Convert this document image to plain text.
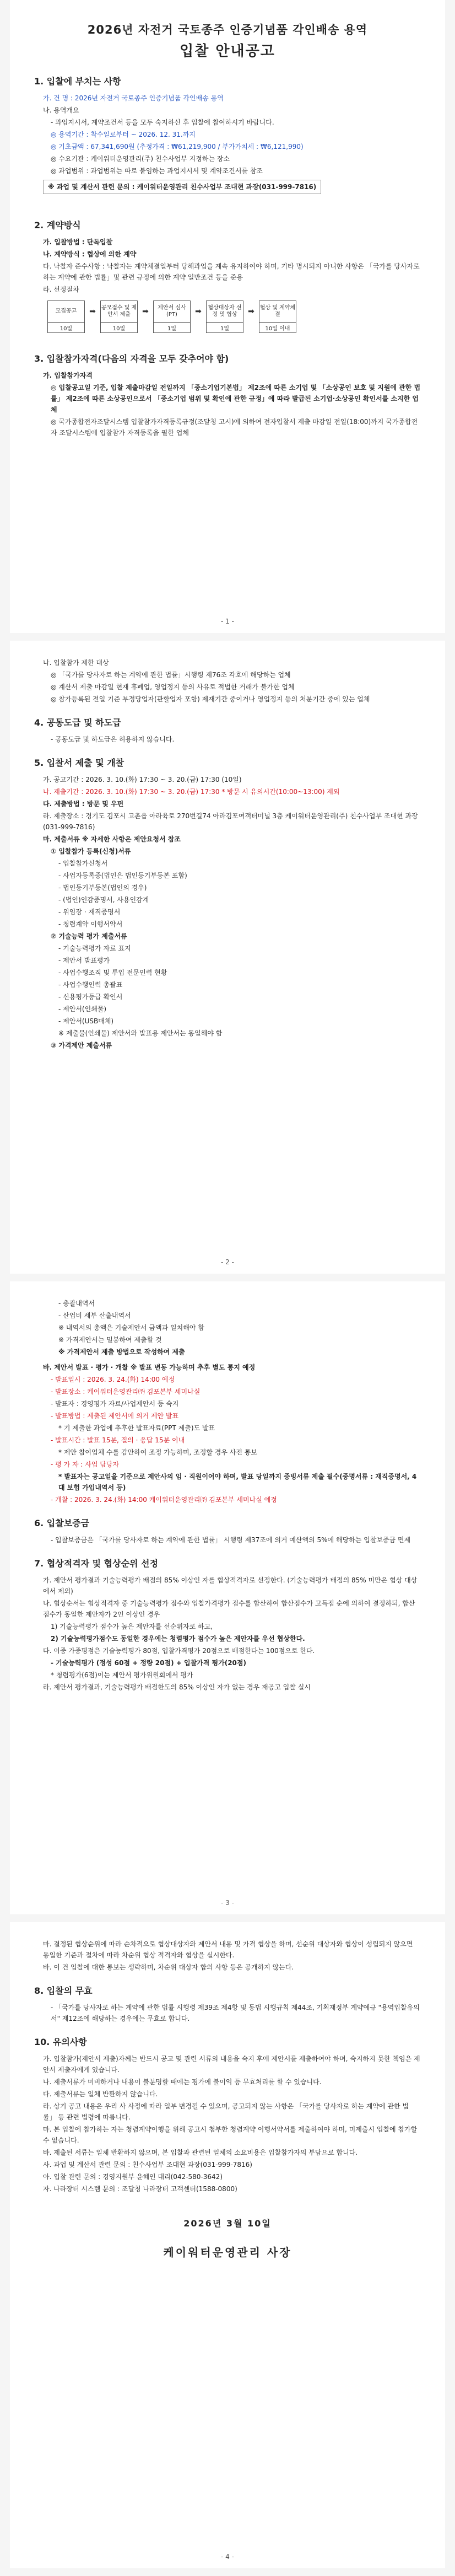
2026년 자전거 국토종주 인증기념품 각인배송 용역
입찰 안내공고
1. 입찰에 부치는 사항
가. 건 명 : 2026년 자전거 국토종주 인증기념품 각인배송 용역
나. 용역개요
- 과업지시서, 계약조건서 등을 모두 숙지하신 후 입찰에 참여하시기 바랍니다.
◎ 용역기간 : 착수일로부터 ~ 2026. 12. 31.까지
◎ 기초금액 : 67,341,690원 (추정가격 : ₩61,219,900 / 부가가치세 : ₩6,121,990)
◎ 수요기관 : 케이워터운영관리(주) 친수사업부 지정하는 장소
◎ 과업범위 : 과업범위는 따로 붙임하는 과업지시서 및 계약조건서를 참조
※ 과업 및 계산서 관련 문의 : 케이워터운영관리 친수사업부 조대현 과장(031-999-7816)
2. 계약방식
가. 입찰방법 : 단독입찰
나. 계약방식 : 협상에 의한 계약
다. 낙찰자 준수사항 : 낙찰자는 계약체결일부터 당해과업을 계속 유지하여야 하며, 기타 명시되지 아니한 사항은 「국가를 당사자로 하는 계약에 관한 법률」및 관련 규정에 의한 계약 일반조건 등을 준용
라. 선정절차
모집공고
10일
➡ 공모접수 및 제안서 제출
10일
➡	제안서 심사 (PT)
1일
➡	협상대상자 선정 및 협상
1일
➡ 협상 및 계약체결
10일 이내
3. 입찰참가자격(다음의 자격을 모두 갖추어야 함)
가. 입찰참가자격
◎ 입찰공고일 기준, 입찰 제출마감일 전일까지 「중소기업기본법」 제2조에 따른 소기업 및 「소상공인 보호 및 지원에 관한 법률」 제2조에 따른 소상공인으로서 「중소기업 범위 및 확인에 관한 규정」에 따라 발급된 소기업·소상공인 확인서를 소지한 업체
◎ 국가종합전자조달시스템 입찰참가자격등록규정(조달청 고시)에 의하여 전자입찰서 제출 마감일 전일(18:00)까지 국가종합전자 조달시스템에 입찰참가 자격등록을 필한 업체
- 1 -
나. 입찰참가 제한 대상
◎ 「국가를 당사자로 하는 계약에 관한 법률」시행령 제76조 각호에 해당하는 업체
◎ 계산서 제출 마감일 현재 휴폐업, 영업정지 등의 사유로 적법한 거래가 불가한 업체
◎ 참가등록된 전일 기준 부정당업자(관할업자 포함) 제재기간 중이거나 영업정지 등의 처분기간 중에 있는 업체
4. 공동도급 및 하도급
- 공동도급 및 하도급은 허용하지 않습니다.
5. 입찰서 제출 및 개찰
가. 공고기간 : 2026. 3. 10.(화) 17:30 ~ 3. 20.(금) 17:30 (10일)
나. 제출기간 : 2026. 3. 10.(화) 17:30 ~ 3. 20.(금) 17:30 * 방문 시 유의시간(10:00~13:00) 제외
다. 제출방법 : 방문 및 우편
라. 제출장소 : 경기도 김포시 고촌읍 아라육로 270번길74 아라김포여객터미널 3층 케이워터운영관리(주) 친수사업부 조대현 과장(031-999-7816)
마. 제출서류 ※ 자세한 사항은 제안요청서 참조
① 입찰참가 등록(신청)서류
- 입찰참가신청서
- 사업자등록증(법인은 법인등기부등본 포함)
- 법인등기부등본(법인의 경우)
- (법인)인감증명서, 사용인감계
- 위임장 · 재직증명서
- 청렴계약 이행서약서
② 기술능력 평가 제출서류
- 기술능력평가 자료 표지
- 제안서 발표평가
- 사업수행조직 및 투입 전문인력 현황
- 사업수행인력 총괄표
- 신용평가등급 확인서
- 제안서(인쇄물)
- 제안서(USB매체)
※ 제출물(인쇄물) 제안서와 발표용 제안서는 동일해야 함
③ 가격제안 제출서류
- 2 -
- 총괄내역서
- 산업비 세부 산출내역서
※ 내역서의 총액은 기술제안서 금액과 일치해야 함
※ 가격제안서는 밀봉하여 제출할 것
※ 가격제안서 제출 방법으로 작성하여 제출
바. 제안서 발표 · 평가 · 개찰 ※ 발표 변동 가능하며 추후 별도 통지 예정
- 발표일시 : 2026. 3. 24.(화) 14:00 예정
- 발표장소 : 케이워터운영관리㈜ 김포본부 세미나실
- 발표자 : 경영평가 자료/사업제안서 등 숙지
- 발표방법 : 제출된 제안서에 의거 제안 발표
* 기 제출한 과업에 추후한 발표자료(PPT 제출)도 발표
- 발표시간 : 발표 15분, 질의 · 응답 15분 이내
* 제안 참여업체 수를 감안하여 조정 가능하며, 조정할 경우 사전 통보
- 평 가 자 : 사업 담당자
* 발표자는 공고일을 기준으로 제안사의 임 · 직원이어야 하며, 발표 당일까지 증빙서류 제출 필수(중명서류 : 재직증명서, 4대 보험 가입내역서 등)
- 개찰 : 2026. 3. 24.(화) 14:00 케이워터운영관리㈜ 김포본부 세미나실 예정
6. 입찰보증금
- 입찰보증금은 「국가를 당사자로 하는 계약에 관한 법률」 시행령 제37조에 의거 예산액의 5%에 해당하는 입찰보증금 면제
7. 협상적격자 및 협상순위 선정
가. 제안서 평가결과 기술능력평가 배점의 85% 이상인 자를 협상적격자로 선정한다. (기술능력평가 배점의 85% 미만은 협상 대상에서 제외)
나. 협상순서는 협상적격자 중 기술능력평가 점수와 입찰가격평가 점수를 합산하여 합산점수가 고득점 순에 의하여 결정하되, 합산점수가 동일한 제안자가 2인 이상인 경우
1) 기술능력평가 점수가 높은 제안자를 선순위자로 하고,
2) 기술능력평가점수도 동일한 경우에는 청렴평가 점수가 높은 제안자를 우선 협상한다.
다. 이중 가중평점은 기술능력평가 80점, 입찰가격평가 20점으로 배점한다는 100점으로 한다.
- 기술능력평가 (정성 60점 + 정량 20점) + 입찰가격 평가(20점)
* 청렴평가(6점)이는 제안서 평가위원회에서 평가
라. 제안서 평가결과, 기술능력평가 배점한도의 85% 이상인 자가 없는 경우 재공고 입찰 실시
- 3 -
마. 결정된 협상순위에 따라 순차적으로 협상대상자와 제안서 내용 및 가격 협상을 하며, 선순위 대상자와 협상이 성립되지 않으면 동일한 기준과 절차에 따라 차순위 협상 적격자와 협상을 실시한다.
바. 이 건 입찰에 대한 통보는 생략하며, 차순위 대상자 합의 사항 등은 공개하지 않는다.
8. 입찰의 무효
- 「국가를 당사자로 하는 계약에 관한 법률 시행령 제39조 제4항 및 동법 시행규칙 제44조, 기획재정부 계약예규 "용역입찰유의서" 제12조에 해당하는 경우에는 무효로 합니다.
10. 유의사항
가. 입찰참가(제안서 제출)자께는 반드시 공고 및 관련 서류의 내용을 숙지 후에 제안서를 제출하여야 하며, 숙지하지 못한 책임은 제안서 제출자에게 있습니다.
나. 제출서류가 미비하거나 내용이 불분명할 때에는 평가에 불이익 등 무효처리를 할 수 있습니다.
다. 제출서류는 일체 반환하지 않습니다.
라. 상기 공고 내용은 우리 사 사정에 따라 일부 변경될 수 있으며, 공고되지 않는 사항은 「국가를 당사자로 하는 계약에 관한 법률」 등 관련 법령에 따릅니다.
마. 본 입찰에 참가하는 자는 청렴계약이행을 위해 공고시 첨부한 청렴계약 이행서약서를 제출하여야 하며, 미제출시 입찰에 참가할 수 없습니다.
바. 제출된 서류는 일체 반환하지 않으며, 본 입찰과 관련된 일체의 소요비용은 입찰참가자의 부담으로 합니다.
사. 과업 및 계산서 관련 문의 : 친수사업부 조대현 과장(031-999-7816)
아. 입찰 관련 문의 : 경영지원부 윤혜인 대리(042-580-3642)
자. 나라장터 시스템 문의 : 조달청 나라장터 고객센터(1588-0800)
2026년 3월 10일
케이워터운영관리 사장
- 4 -
